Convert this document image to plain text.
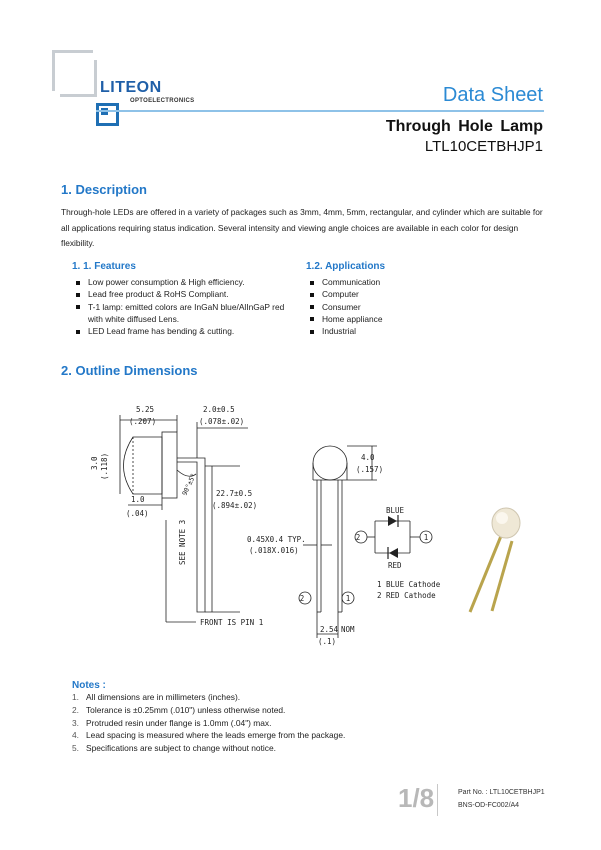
LITEON
OPTOELECTRONICS	Data Sheet
Through Hole Lamp
LTL10CETBHJP1
1. Description
Through-hole LEDs are offered in a variety of packages such as 3mm, 4mm, 5mm, rectangular, and cylinder which are suitable for all applications requiring status indication. Several intensity and viewing angle choices are available in each color for design flexibility.
1. 1. Features
Low power consumption & High efficiency.
Lead free product & RoHS Compliant.
T-1 lamp: emitted colors are InGaN blue/AlInGaP red with white diffused Lens.
LED Lead frame has bending & cutting.
1.2. Applications
Communication
Computer
Consumer
Home appliance
Industrial
2. Outline Dimensions
5.25
(.207)
2.0±0.5
(.078±.02)
3.0 (.118)
90°±5°
1.0
(.04)
22.7±0.5
(.894±.02)
SEE NOTE 3
FRONT IS PIN 1
4.0
(.157)
0.45X0.4 TYP.
(.018X.016)
2	1
2.54 NOM
(.1)
2	1
BLUE
RED
1 BLUE Cathode
2 RED Cathode
Notes :
1. All dimensions are in millimeters (inches).
2. Tolerance is ±0.25mm (.010") unless otherwise noted.
3. Protruded resin under flange is 1.0mm (.04") max.
4. Lead spacing is measured where the leads emerge from the package.
5. Specifications are subject to change without notice.
1/8	Part No. : LTL10CETBHJP1
BNS-OD-FC002/A4
